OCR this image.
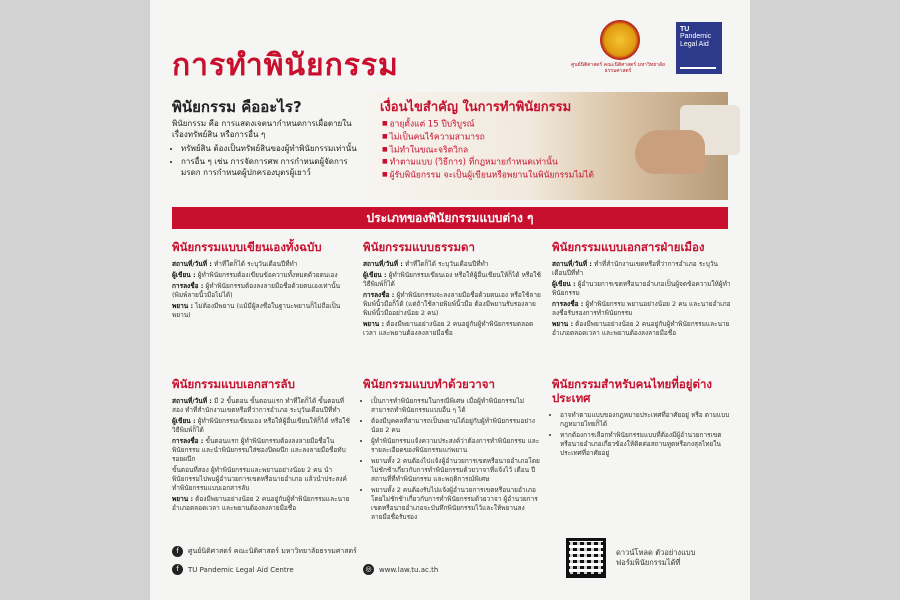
การทำพินัยกรรม	ศูนย์นิติศาสตร์ คณะนิติศาสตร์ มหาวิทยาลัยธรรมศาสตร์
TU
Pandemic
Legal Aid
พินัยกรรม คืออะไร?
พินัยกรรม คือ การแสดงเจตนากำหนดการเผื่อตายในเรื่องทรัพย์สิน หรือการอื่น ๆ
• ทรัพย์สิน ต้องเป็นทรัพย์สินของผู้ทำพินัยกรรมเท่านั้น
• การอื่น ๆ เช่น การจัดการศพ การกำหนดผู้จัดการมรดก การกำหนดผู้ปกครองบุตรผู้เยาว์
เงื่อนไขสำคัญ ในการทำพินัยกรรม
■ อายุตั้งแต่ 15 ปีบริบูรณ์
■ ไม่เป็นคนไร้ความสามารถ
■ ไม่ทำในขณะจริตวิกล
■ ทำตามแบบ (วิธีการ) ที่กฎหมายกำหนดเท่านั้น
■ ผู้รับพินัยกรรม จะเป็นผู้เขียนหรือพยานในพินัยกรรมไม่ได้
ประเภทของพินัยกรรมแบบต่าง ๆ
พินัยกรรมแบบเขียนเองทั้งฉบับ

สถานที่/วันที่ : ทำที่ใดก็ได้ ระบุวันเดือนปีที่ทำ

ผู้เขียน : ผู้ทำพินัยกรรมต้องเขียนข้อความทั้งหมดด้วยตนเอง

การลงชื่อ : ผู้ทำพินัยกรรมต้องลงลายมือชื่อด้วยตนเองเท่านั้น (พิมพ์ลายนิ้วมือไม่ได้)

พยาน : ไม่ต้องมีพยาน (แม้มีผู้ลงชื่อในฐานะพยานก็ไม่ถือเป็นพยาน)

พินัยกรรมแบบธรรมดา

สถานที่/วันที่ : ทำที่ใดก็ได้ ระบุวันเดือนปีที่ทำ

ผู้เขียน : ผู้ทำพินัยกรรมเขียนเอง หรือให้ผู้อื่นเขียนให้ก็ได้ หรือใช้วิธีพิมพ์ก็ได้

การลงชื่อ : ผู้ทำพินัยกรรมจะลงลายมือชื่อด้วยตนเอง หรือใช้ลายพิมพ์นิ้วมือก็ได้ (แต่ถ้าใช้ลายพิมพ์นิ้วมือ ต้องมีพยานรับรองลายพิมพ์นิ้วมืออย่างน้อย 2 คน)

พยาน : ต้องมีพยานอย่างน้อย 2 คนอยู่กับผู้ทำพินัยกรรมตลอดเวลา และพยานต้องลงลายมือชื่อ

พินัยกรรมแบบเอกสารฝ่ายเมือง

สถานที่/วันที่ : ทำที่สำนักงานเขตหรือที่ว่าการอำเภอ ระบุวันเดือนปีที่ทำ

ผู้เขียน : ผู้อำนวยการเขตหรือนายอำเภอเป็นผู้จดข้อความให้ผู้ทำพินัยกรรม

การลงชื่อ : ผู้ทำพินัยกรรม พยานอย่างน้อย 2 คน และนายอำเภอลงชื่อรับรองการทำพินัยกรรม

พยาน : ต้องมีพยานอย่างน้อย 2 คนอยู่กับผู้ทำพินัยกรรมและนายอำเภอตลอดเวลา และพยานต้องลงลายมือชื่อ

พินัยกรรมแบบเอกสารลับ

สถานที่/วันที่ : มี 2 ขั้นตอน ขั้นตอนแรก ทำที่ใดก็ได้ ขั้นตอนที่สอง ทำที่สำนักงานเขตหรือที่ว่าการอำเภอ ระบุวันเดือนปีที่ทำ

ผู้เขียน : ผู้ทำพินัยกรรมเขียนเอง หรือให้ผู้อื่นเขียนให้ก็ได้ หรือใช้วิธีพิมพ์ก็ได้

การลงชื่อ : ขั้นตอนแรก ผู้ทำพินัยกรรมต้องลงลายมือชื่อในพินัยกรรม และนำพินัยกรรมใส่ซองปิดผนึก และลงลายมือชื่อทับรอยผนึก

ขั้นตอนที่สอง ผู้ทำพินัยกรรมและพยานอย่างน้อย 2 คน นำพินัยกรรมไปพบผู้อำนวยการเขตหรือนายอำเภอ แล้วนำประสงค์ทำพินัยกรรมแบบเอกสารลับ

พยาน : ต้องมีพยานอย่างน้อย 2 คนอยู่กับผู้ทำพินัยกรรมและนายอำเภอตลอดเวลา และพยานต้องลงลายมือชื่อ

พินัยกรรมแบบทำด้วยวาจา
• เป็นการทำพินัยกรรมในกรณีพิเศษ เมื่อผู้ทำพินัยกรรมไม่สามารถทำพินัยกรรมแบบอื่น ๆ ได้
• ต้องมีบุคคลที่สามารถเป็นพยานได้อยู่กับผู้ทำพินัยกรรมอย่างน้อย 2 คน
• ผู้ทำพินัยกรรมแจ้งความประสงค์ว่าต้องการทำพินัยกรรม และรายละเอียดของพินัยกรรมแก่พยาน
• พยานทั้ง 2 คนต้องไปแจ้งผู้อำนวยการเขตหรือนายอำเภอโดยไม่ชักช้าเกี่ยวกับการทำพินัยกรรมด้วยวาจาที่แจ้งไว้ เดือน ปี สถานที่ที่ทำพินัยกรรม และพฤติการณ์พิเศษ
• พยานทั้ง 2 คนต้องรับไปแจ้งผู้อำนวยการเขตหรือนายอำเภอโดยไม่ชักช้าเกี่ยวกับการทำพินัยกรรมด้วยวาจา ผู้อำนวยการเขตหรือนายอำเภอจะบันทึกพินัยกรรมไว้และให้พยานลงลายมือชื่อรับรอง
พินัยกรรมสำหรับคนไทยที่อยู่ต่างประเทศ
• อาจทำตามแบบของกฎหมายประเทศที่อาศัยอยู่ หรือ ตามแบบกฎหมายไทยก็ได้
• หากต้องการเลือกทำพินัยกรรมแบบที่ต้องมีผู้อำนวยการเขตหรือนายอำเภอเกี่ยวข้องให้ติดต่อสถานทูตหรือกงสุลไทยในประเทศที่อาศัยอยู่
f	ศูนย์นิติศาสตร์ คณะนิติศาสตร์ มหาวิทยาลัยธรรมศาสตร์
f	TU Pandemic Legal Aid Centre	◎	www.law.tu.ac.th
ดาวน์โหลด ตัวอย่างแบบฟอร์มพินัยกรรมได้ที่
